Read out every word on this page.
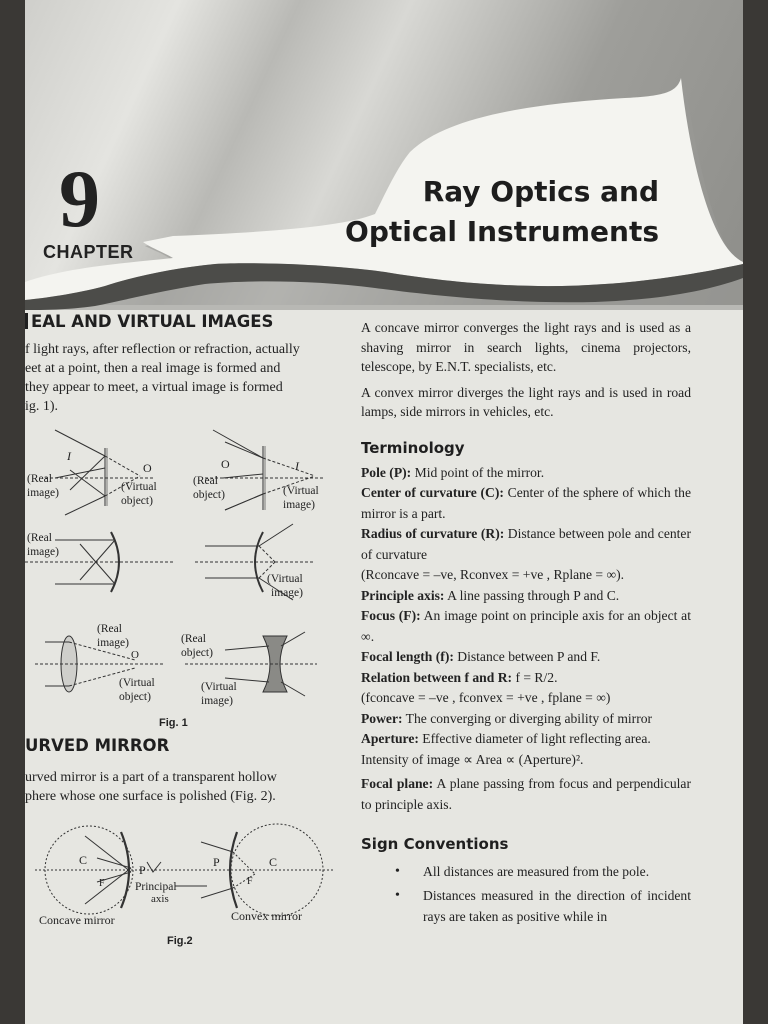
9
CHAPTER
Ray Optics and
Optical Instruments
EAL AND VIRTUAL IMAGES
f light rays, after reflection or refraction, actually
eet at a point, then a real image is formed and
they appear to meet, a virtual image is formed
ig. 1).
I
O	O	I
(Real
image)	(Virtual
object)
(Real
object)	(Virtual
image)
(Real
image)
(Virtual
image)
(Real
image)
O
(Virtual
object)
(Real
object)
(Virtual
image)
Fig. 1
URVED MIRROR
urved mirror is a part of a transparent hollow
phere whose one surface is polished (Fig. 2).
C
P
F
P	C
F
Principal
axis
Concave mirror	Convex mirror
Fig.2

A concave mirror converges the light rays and is used as a shaving mirror in search lights, cinema projectors, telescope, by E.N.T. specialists, etc.

A convex mirror diverges the light rays and is used in road lamps, side mirrors in vehicles, etc.

Terminology

Pole (P): Mid point of the mirror.

Center of curvature (C): Center of the sphere of which the mirror is a part.

Radius of curvature (R): Distance between pole and center of curvature

(Rconcave = –ve, Rconvex = +ve , Rplane = ∞).

Principle axis: A line passing through P and C.

Focus (F): An image point on principle axis for an object at ∞.

Focal length (f): Distance between P and F.

Relation between f and R: f = R/2.

(fconcave = –ve , fconvex = +ve , fplane = ∞)

Power: The converging or diverging ability of mirror

Aperture: Effective diameter of light reflecting area.

Intensity of image ∝ Area ∝ (Aperture)².

Focal plane: A plane passing from focus and perpendicular to principle axis.

Sign Conventions
• All distances are measured from the pole.
• Distances measured in the direction of incident rays are taken as positive while in
